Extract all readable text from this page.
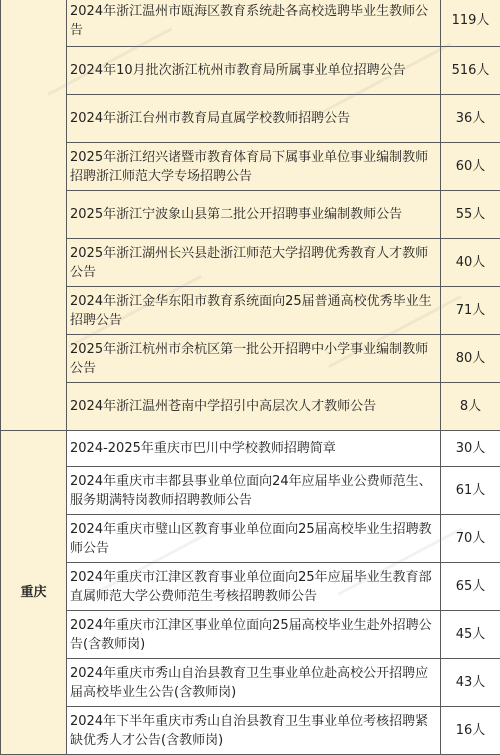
	2024年浙江温州市瓯海区教育系统赴各高校选聘毕业生教师公告	119人
	2024年10月批次浙江杭州市教育局所属事业单位招聘公告	516人
	2024年浙江台州市教育局直属学校教师招聘公告	36人
	2025年浙江绍兴诸暨市教育体育局下属事业单位事业编制教师招聘浙江师范大学专场招聘公告	60人
	2025年浙江宁波象山县第二批公开招聘事业编制教师公告	55人
	2025年浙江湖州长兴县赴浙江师范大学招聘优秀教育人才教师公告	40人
	2024年浙江金华东阳市教育系统面向25届普通高校优秀毕业生招聘公告	71人
	2025年浙江杭州市余杭区第一批公开招聘中小学事业编制教师公告	80人
	2024年浙江温州苍南中学招引中高层次人才教师公告	8人
重庆	2024-2025年重庆市巴川中学校教师招聘简章	30人
	2024年重庆市丰都县事业单位面向24年应届毕业公费师范生、服务期满特岗教师招聘教师公告	61人
	2024年重庆市璧山区教育事业单位面向25届高校毕业生招聘教师公告	70人
	2024年重庆市江津区教育事业单位面向25年应届毕业生教育部直属师范大学公费师范生考核招聘教师公告	65人
	2024年重庆市江津区事业单位面向25届高校毕业生赴外招聘公告(含教师岗)	45人
	2024年重庆市秀山自治县教育卫生事业单位赴高校公开招聘应届高校毕业生公告(含教师岗)	43人
	2024年下半年重庆市秀山自治县教育卫生事业单位考核招聘紧缺优秀人才公告(含教师岗)	16人
